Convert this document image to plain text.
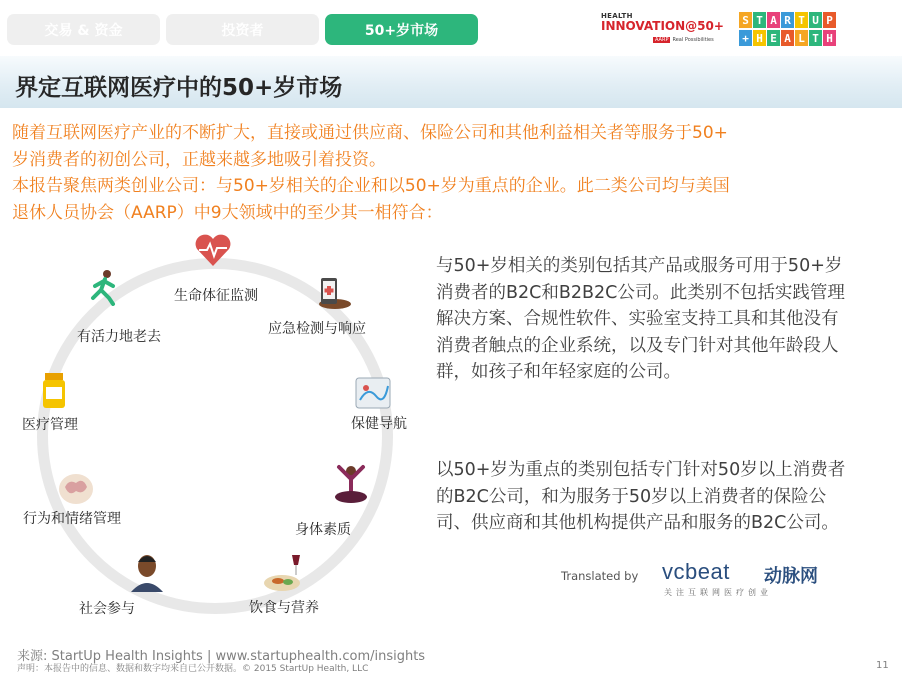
交易 & 资金	投资者	50+岁市场
HEALTH
INNOVATION@50+
AARP Real Possibilities
S T A R T U P
+ H E A L T H
界定互联网医疗中的50+岁市场
随着互联网医疗产业的不断扩大，直接或通过供应商、保险公司和其他利益相关者等服务于50+
岁消费者的初创公司，正越来越多地吸引着投资。
本报告聚焦两类创业公司：与50+岁相关的企业和以50+岁为重点的企业。此二类公司均与美国
退休人员协会（AARP）中9大领域中的至少其一相符合：
生命体征监测
应急检测与响应
保健导航
身体素质
饮食与营养
社会参与
行为和情绪管理
医疗管理
有活力地老去
与50+岁相关的类别包括其产品或服务可用于50+岁消费者的B2C和B2B2C公司。此类别不包括实践管理解决方案、合规性软件、实验室支持工具和其他没有消费者触点的企业系统，以及专门针对其他年龄段人群，如孩子和年轻家庭的公司。
以50+岁为重点的类别包括专门针对50岁以上消费者的B2C公司，和为服务于50岁以上消费者的保险公司、供应商和其他机构提供产品和服务的B2C公司。
Translated by vcbeat 动脉网
关注互联网医疗创业
来源: StartUp Health Insights | www.startuphealth.com/insights
声明：本报告中的信息、数据和数字均来自已公开数据。© 2015 StartUp Health, LLC	11
